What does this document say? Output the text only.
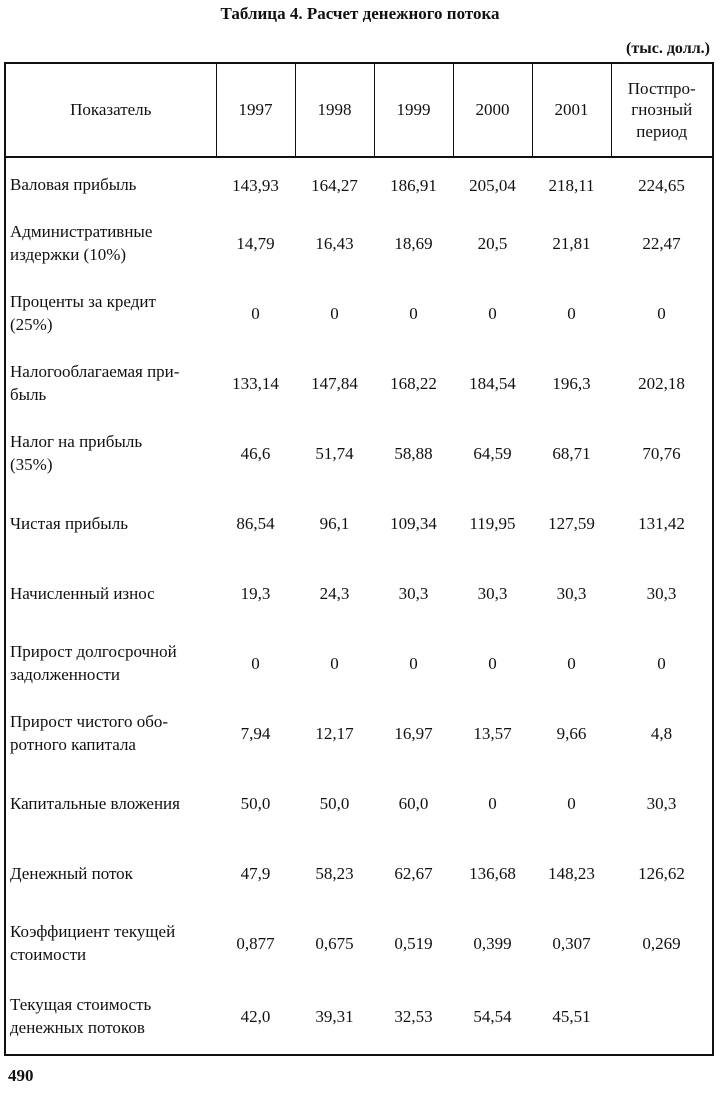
Таблица 4. Расчет денежного потока
(тыс. долл.)
Показатель	1997	1998	1999	2000	2001	Постпро-
гнозный
период

Валовая прибыль	143,93	164,27	186,91	205,04	218,11	224,65

Административные
издержки (10%)	14,79	16,43	18,69	20,5	21,81	22,47

Проценты за кредит
(25%)	0	0	0	0	0	0

Налогооблагаемая при-
быль	133,14	147,84	168,22	184,54	196,3	202,18

Налог на прибыль
(35%)	46,6	51,74	58,88	64,59	68,71	70,76

Чистая прибыль	86,54	96,1	109,34	119,95	127,59	131,42

Начисленный износ	19,3	24,3	30,3	30,3	30,3	30,3

Прирост долгосрочной
задолженности	0	0	0	0	0	0

Прирост чистого обо-
ротного капитала	7,94	12,17	16,97	13,57	9,66	4,8

Капитальные вложения	50,0	50,0	60,0	0	0	30,3

Денежный поток	47,9	58,23	62,67	136,68	148,23	126,62

Коэффициент текущей
стоимости	0,877	0,675	0,519	0,399	0,307	0,269

Текущая стоимость
денежных потоков	42,0	39,31	32,53	54,54	45,51	
490
